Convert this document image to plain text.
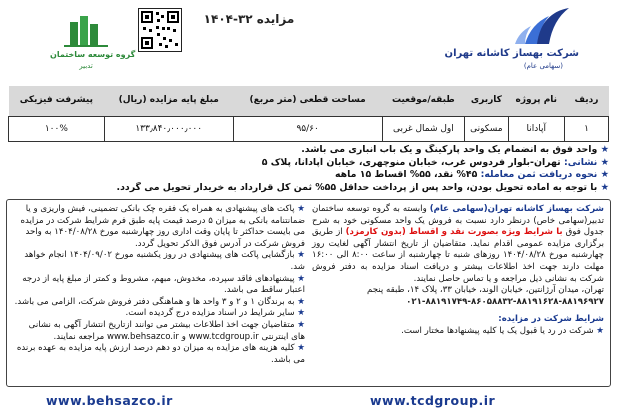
گروه توسعه ساختمان
تدبیر
مزایده ۳۲-۱۴۰۴
شرکت بهساز کاشانه تهران
(سهامی عام)
ردیف	نام پروژه	کاربری	طبقه/موقعیت	مساحت قطعی (متر مربع)	مبلغ پایه مزایده (ریال)	پیشرفت فیزیکی
۱	آپادانا	مسکونی	اول شمال غربی	۹۵/۶۰	۱۳۳٫۸۴۰٫۰۰۰٫۰۰۰	۱۰۰%

★ واحد فوق به انضمام یک واحد پارکینگ و یک باب انباری می باشد.

★ نشانی: تهران-بلوار فردوس غرب، خیابان منوچهری، خیابان آپادانا، پلاک ۵

★ نحوه دریافت ثمن معامله: ۴۵% نقد، ۵۵% اقساط ۱۵ ماهه

★ با توجه به آماده تحویل بودن، واحد پس از پرداخت حداقل ۵۵% ثمن کل قرارداد به خریدار تحویل می گردد.

شرکت بهساز کاشانه تهران(سهامی عام) وابسته به گروه توسعه ساختمان تدبیر(سهامی خاص) درنظر دارد نسبت به فروش یک واحد مسکونی خود به شرح جدول فوق با شرایط ویژه بصورت نقد و اقساط (بدون کارمزد) از طریق برگزاری مزایده عمومی اقدام نماید. متقاضیان از تاریخ انتشار آگهی لغایت روز چهارشنبه مورخ ۱۴۰۴/۰۸/۲۸ روزهای شنبه تا چهارشنبه از ساعت ۸:۰۰ الی ۱۶:۰۰ مهلت دارند جهت اخذ اطلاعات بیشتر و دریافت اسناد مزایده به دفتر فروش شرکت به نشانی ذیل مراجعه و یا تماس حاصل نمایند.

تهران، میدان آرژانتین، خیابان الوند، خیابان ۳۳، پلاک ۱۴، طبقه پنجم

۰۲۱-۸۸۱۹۱۷۴۹-۸۶۰۵۸۸۳۲-۸۸۱۹۱۶۲۸-۸۸۱۹۶۹۲۷

شرایط شرکت در مزایده:

★ شرکت در رد یا قبول یک یا کلیه پیشنهادها مختار است.

★ پاکت های پیشنهادی به همراه یک فقره چک بانکی تضمینی، فیش واریزی و یا ضمانتنامه بانکی به میزان ۵ درصد قیمت پایه طبق فرم شرایط شرکت در مزایده می بایست حداکثر تا پایان وقت اداری روز چهارشنبه مورخ ۱۴۰۴/۰۸/۲۸ به واحد فروش شرکت در آدرس فوق الذکر تحویل گردد.

★ بازگشایی پاکت های پیشنهادی در روز یکشنبه مورخ ۱۴۰۴/۰۹/۰۲ انجام خواهد شد.

★ پیشنهادهای فاقد سپرده، مخدوش، مبهم، مشروط و کمتر از مبلغ پایه از درجه اعتبار ساقط می باشد.

★ به برندگان ۱ و ۲ و ۳ واحد ها و هماهنگی دفتر فروش شرکت، الزامی می باشد.

★ سایر شرایط در اسناد مزایده درج گردیده است.

★ متقاضیان جهت اخذ اطلاعات بیشتر می توانند ازتاریخ انتشار آگهی به نشانی های اینترنتی www.tcdgroup.ir و www.behsazco.ir مراجعه نمایند.

★ کلیه هزینه های مزایده به میزان دو دهم درصد ارزش پایه مزایده به عهده برنده می باشد.

www.behsazco.ir	www.tcdgroup.ir
